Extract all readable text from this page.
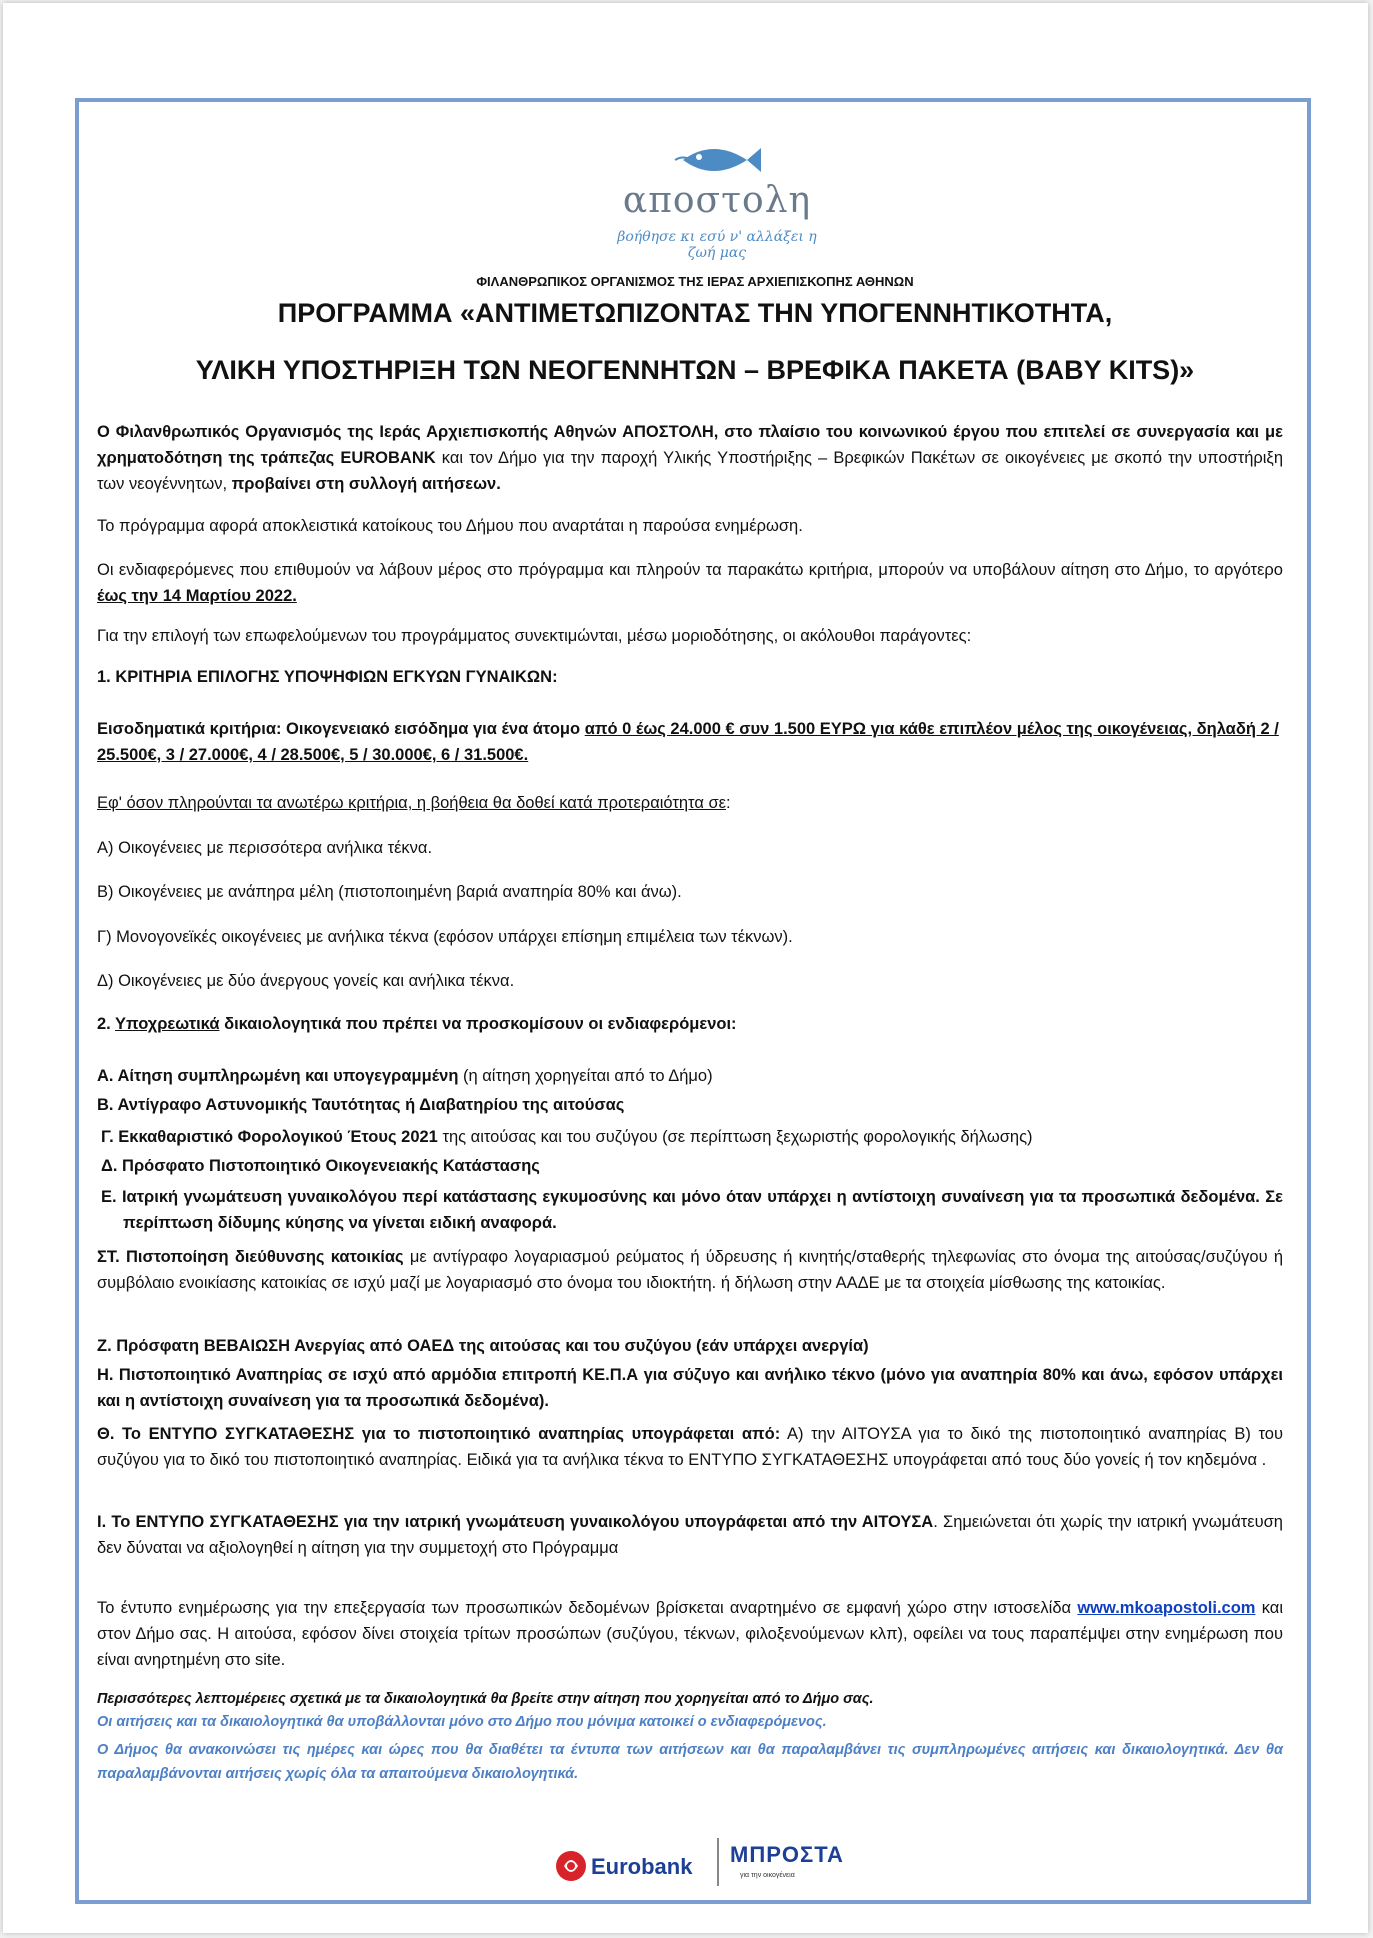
αποστολη
βοήθησε κι εσύ ν' αλλάξει η ζωή μας
ΦΙΛΑΝΘΡΩΠΙΚΟΣ ΟΡΓΑΝΙΣΜΟΣ ΤΗΣ ΙΕΡΑΣ ΑΡΧΙΕΠΙΣΚΟΠΗΣ ΑΘΗΝΩΝ
ΠΡΟΓΡΑΜΜΑ «ΑΝΤΙΜΕΤΩΠΙΖΟΝΤΑΣ ΤΗΝ ΥΠΟΓΕΝΝΗΤΙΚΟΤΗΤΑ,
ΥΛΙΚΗ ΥΠΟΣΤΗΡΙΞΗ ΤΩΝ ΝΕΟΓΕΝΝΗΤΩΝ – ΒΡΕΦΙΚΑ ΠΑΚΕΤΑ (BABY KITS)»
Ο Φιλανθρωπικός Οργανισμός της Ιεράς Αρχιεπισκοπής Αθηνών ΑΠΟΣΤΟΛΗ, στο πλαίσιο του κοινωνικού έργου που επιτελεί σε συνεργασία και με χρηματοδότηση της τράπεζας EUROBANK και τον Δήμο για την παροχή Υλικής Υποστήριξης – Βρεφικών Πακέτων σε οικογένειες με σκοπό την υποστήριξη των νεογέννητων, προβαίνει στη συλλογή αιτήσεων.
Το πρόγραμμα αφορά αποκλειστικά κατοίκους του Δήμου που αναρτάται η παρούσα ενημέρωση.
Οι ενδιαφερόμενες που επιθυμούν να λάβουν μέρος στο πρόγραμμα και πληρούν τα παρακάτω κριτήρια, μπορούν να υποβάλουν αίτηση στο Δήμο, το αργότερο έως την 14 Μαρτίου 2022.
Για την επιλογή των επωφελούμενων του προγράμματος συνεκτιμώνται, μέσω μοριοδότησης, οι ακόλουθοι παράγοντες:
1. ΚΡΙΤΗΡΙΑ ΕΠΙΛΟΓΗΣ ΥΠΟΨΗΦΙΩΝ ΕΓΚΥΩΝ ΓΥΝΑΙΚΩΝ:
Εισοδηματικά κριτήρια: Οικογενειακό εισόδημα για ένα άτομο από 0 έως 24.000 € συν 1.500 ΕΥΡΩ για κάθε επιπλέον μέλος της οικογένειας, δηλαδή 2 / 25.500€, 3 / 27.000€, 4 / 28.500€, 5 / 30.000€, 6 / 31.500€.
Εφ' όσον πληρούνται τα ανωτέρω κριτήρια, η βοήθεια θα δοθεί κατά προτεραιότητα σε:
Α) Οικογένειες με περισσότερα ανήλικα τέκνα.
Β) Οικογένειες με ανάπηρα μέλη (πιστοποιημένη βαριά αναπηρία 80% και άνω).
Γ) Μονογονεϊκές οικογένειες με ανήλικα τέκνα (εφόσον υπάρχει επίσημη επιμέλεια των τέκνων).
Δ) Οικογένειες με δύο άνεργους γονείς και ανήλικα τέκνα.
2. Υποχρεωτικά δικαιολογητικά που πρέπει να προσκομίσουν οι ενδιαφερόμενοι:
Α. Αίτηση συμπληρωμένη και υπογεγραμμένη (η αίτηση χορηγείται από το Δήμο)
Β. Αντίγραφο Αστυνομικής Ταυτότητας ή Διαβατηρίου της αιτούσας
Γ. Εκκαθαριστικό Φορολογικού Έτους 2021 της αιτούσας και του συζύγου (σε περίπτωση ξεχωριστής φορολογικής δήλωσης)
Δ. Πρόσφατο Πιστοποιητικό Οικογενειακής Κατάστασης
Ε. Ιατρική γνωμάτευση γυναικολόγου περί κατάστασης εγκυμοσύνης και μόνο όταν υπάρχει η αντίστοιχη συναίνεση για τα προσωπικά δεδομένα. Σε περίπτωση δίδυμης κύησης να γίνεται ειδική αναφορά.
ΣΤ. Πιστοποίηση διεύθυνσης κατοικίας με αντίγραφο λογαριασμού ρεύματος ή ύδρευσης ή κινητής/σταθερής τηλεφωνίας στο όνομα της αιτούσας/συζύγου ή συμβόλαιο ενοικίασης κατοικίας σε ισχύ μαζί με λογαριασμό στο όνομα του ιδιοκτήτη. ή δήλωση στην ΑΑΔΕ με τα στοιχεία μίσθωσης της κατοικίας.
Ζ. Πρόσφατη ΒΕΒΑΙΩΣΗ Ανεργίας από ΟΑΕΔ της αιτούσας και του συζύγου (εάν υπάρχει ανεργία)
Η. Πιστοποιητικό Αναπηρίας σε ισχύ από αρμόδια επιτροπή ΚΕ.Π.Α για σύζυγο και ανήλικο τέκνο (μόνο για αναπηρία 80% και άνω, εφόσον υπάρχει και η αντίστοιχη συναίνεση για τα προσωπικά δεδομένα).
Θ. Το ΕΝΤΥΠΟ ΣΥΓΚΑΤΑΘΕΣΗΣ για το πιστοποιητικό αναπηρίας υπογράφεται από: Α) την ΑΙΤΟΥΣΑ για το δικό της πιστοποιητικό αναπηρίας Β) του συζύγου για το δικό του πιστοποιητικό αναπηρίας. Ειδικά για τα ανήλικα τέκνα το ΕΝΤΥΠΟ ΣΥΓΚΑΤΑΘΕΣΗΣ υπογράφεται από τους δύο γονείς ή τον κηδεμόνα .
Ι. Το ΕΝΤΥΠΟ ΣΥΓΚΑΤΑΘΕΣΗΣ για την ιατρική γνωμάτευση γυναικολόγου υπογράφεται από την ΑΙΤΟΥΣΑ. Σημειώνεται ότι χωρίς την ιατρική γνωμάτευση δεν δύναται να αξιολογηθεί η αίτηση για την συμμετοχή στο Πρόγραμμα
Το έντυπο ενημέρωσης για την επεξεργασία των προσωπικών δεδομένων βρίσκεται αναρτημένο σε εμφανή χώρο στην ιστοσελίδα www.mkoapostoli.com και στον Δήμο σας. Η αιτούσα, εφόσον δίνει στοιχεία τρίτων προσώπων (συζύγου, τέκνων, φιλοξενούμενων κλπ), οφείλει να τους παραπέμψει στην ενημέρωση που είναι ανηρτημένη στο site.
Περισσότερες λεπτομέρειες σχετικά με τα δικαιολογητικά θα βρείτε στην αίτηση που χορηγείται από το Δήμο σας.
Οι αιτήσεις και τα δικαιολογητικά θα υποβάλλονται μόνο στο Δήμο που μόνιμα κατοικεί ο ενδιαφερόμενος.
Ο Δήμος θα ανακοινώσει τις ημέρες και ώρες που θα διαθέτει τα έντυπα των αιτήσεων και θα παραλαμβάνει τις συμπληρωμένες αιτήσεις και δικαιολογητικά. Δεν θα παραλαμβάνονται αιτήσεις χωρίς όλα τα απαιτούμενα δικαιολογητικά.
Eurobank ΜΠΡΟΣΤΑ
για την οικογένεια
